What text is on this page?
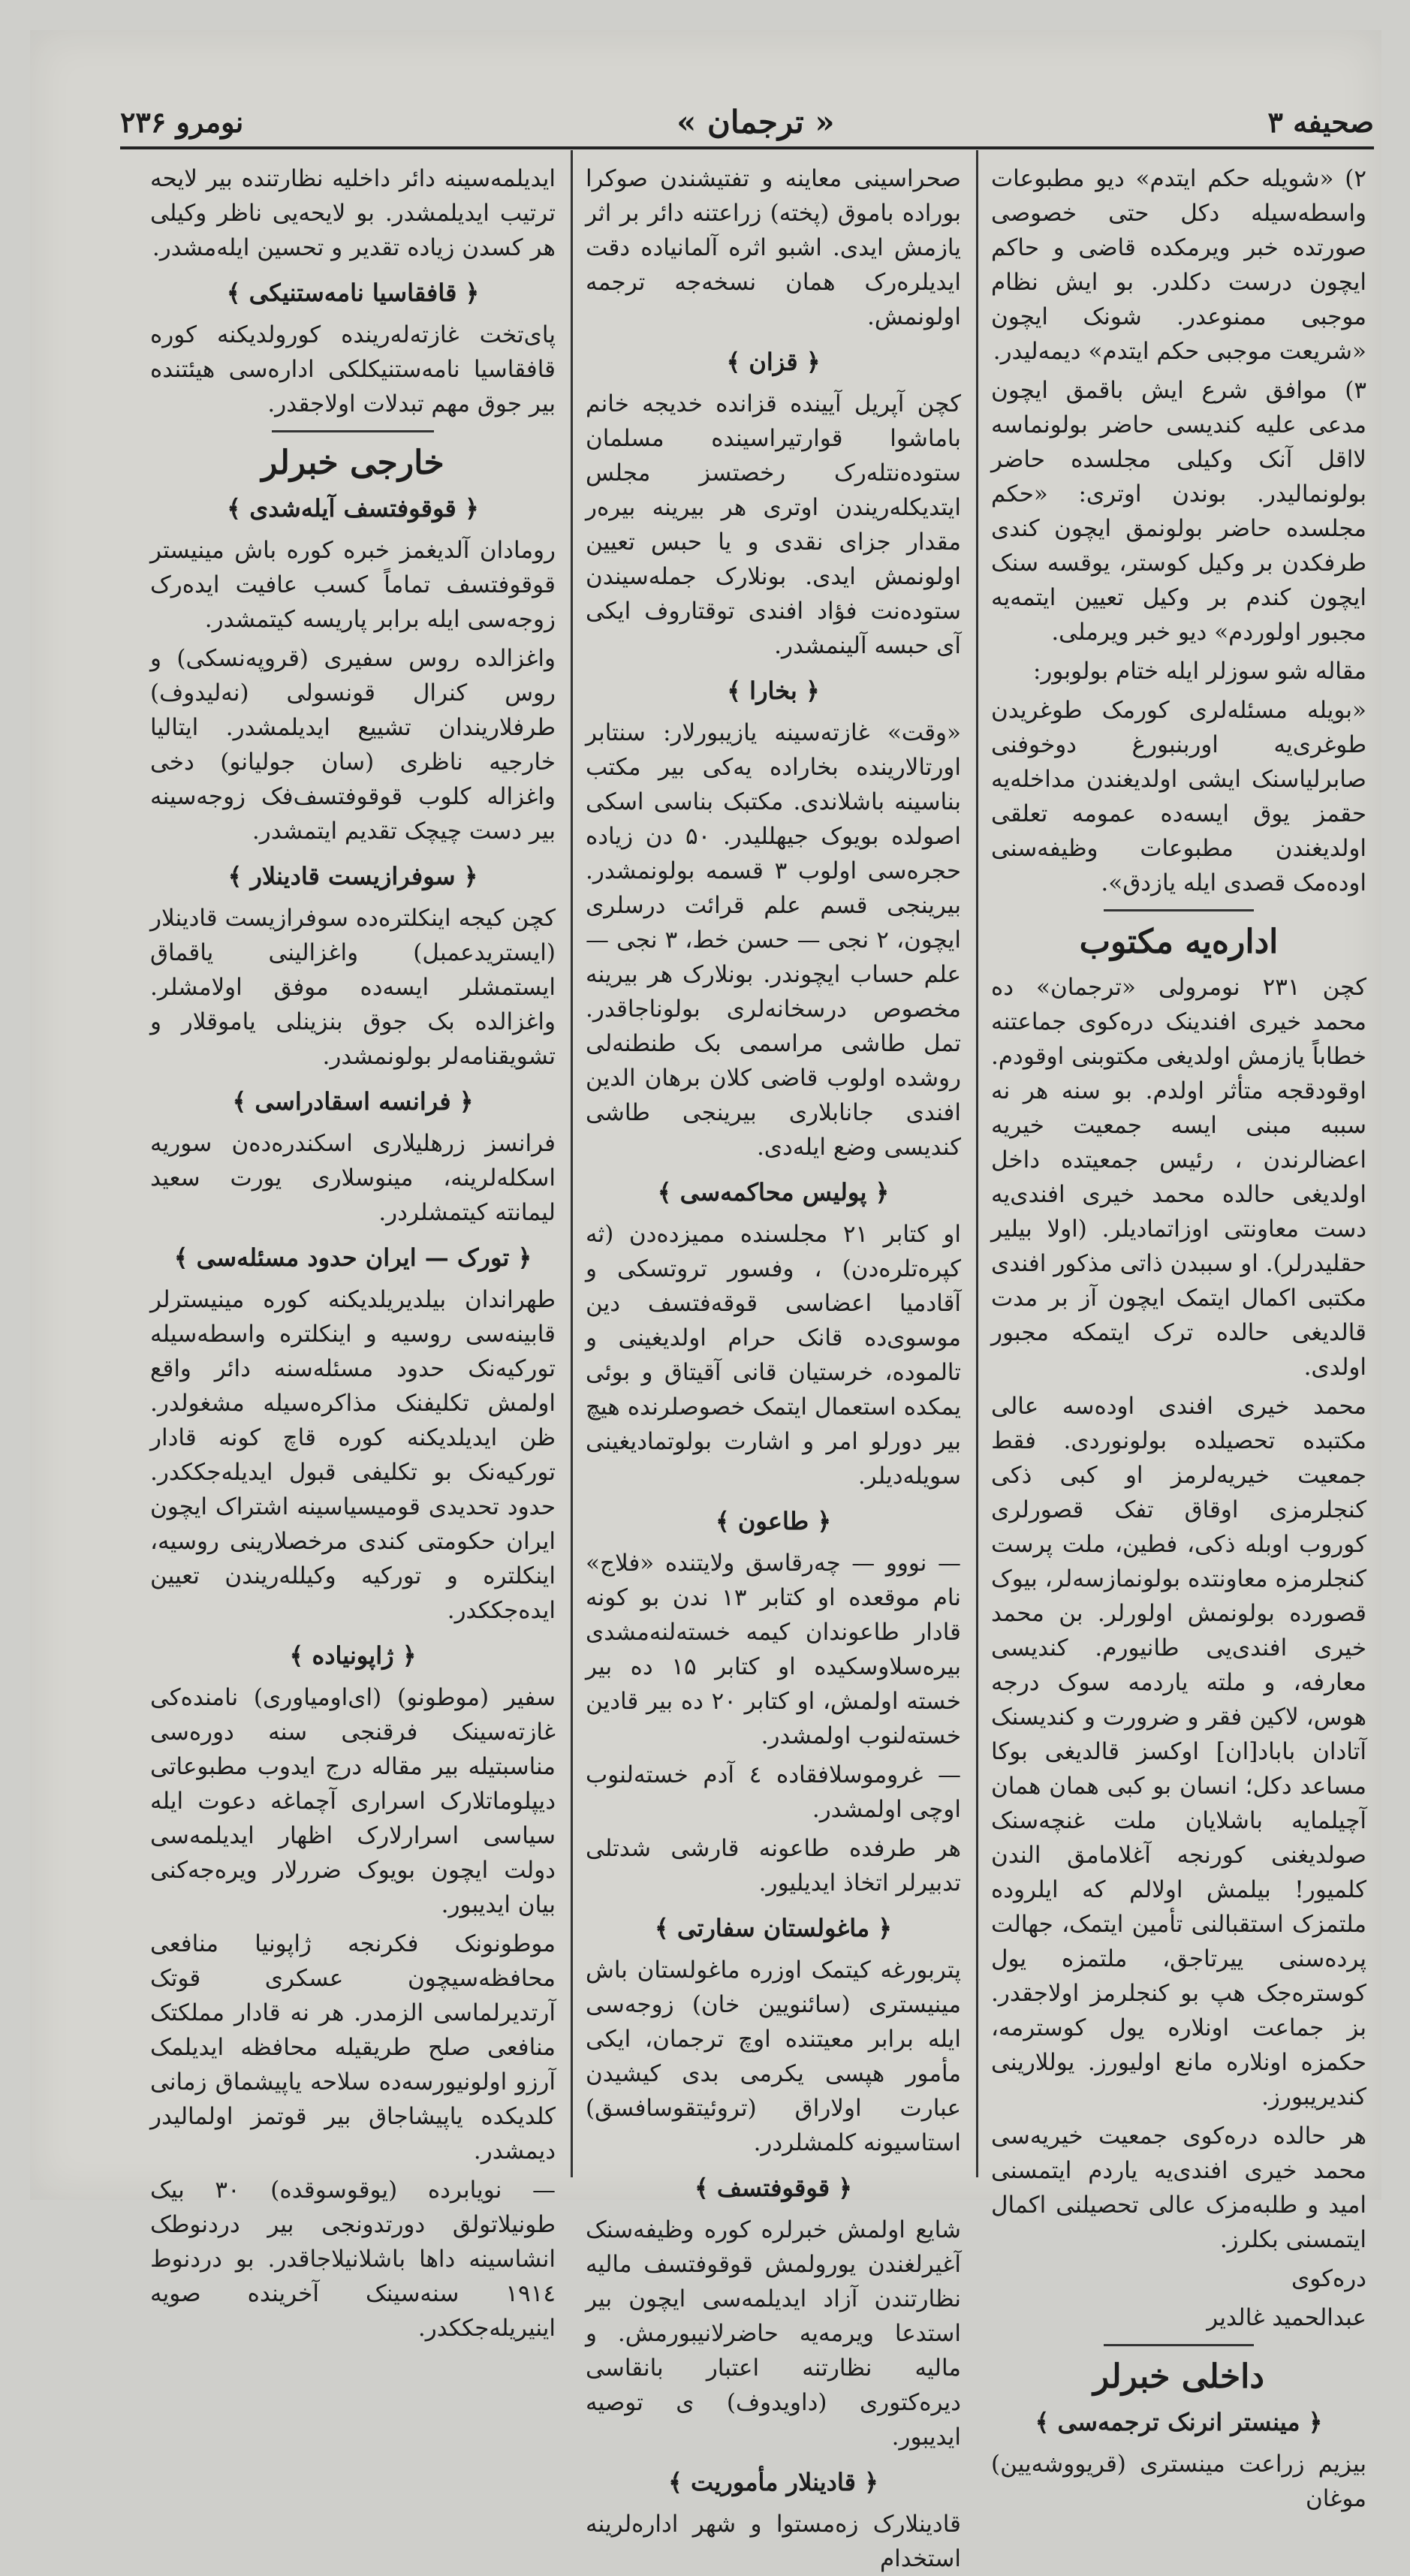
صحیفه ۳
« ترجمان »
نومرو ۲۳۶

۲) «شویله حکم ایتدم» دیو مطبوعات واسطه‌سیله دکل حتی خصوصی صورتده خبر ویرمکده قاضی و حاکم ایچون درست دکلدر. بو ایش نظام موجبی ممنوعدر. شونک ایچون «شریعت موجبی حکم ایتدم» دیمه‌لیدر.

۳) موافق شرع ایش باقمق ایچون مدعی علیه کندیسی حاضر بولونماسه لااقل آنک وکیلی مجلسده حاضر بولونمالیدر. بوندن اوتری: «حکم مجلسده حاضر بولونمق ایچون کندی طرفکدن بر وکیل کوستر، یوقسه سنک ایچون کندم بر وکیل تعیین ایتمه‌یه مجبور اولوردم» دیو خبر ویرملی.

مقاله شو سوزلر ایله ختام بولوبور:

«بویله مسئله‌لری کورمک طوغریدن طوغری‌یه اوربنبورغ دوخوفنی صابرلیاسنک ایشی اولدیغندن مداخله‌یه حقمز یوق ایسه‌ده عمومه تعلقی اولدیغندن مطبوعات وظیفه‌سنی اوده‌مک قصدی ایله یازدق».

اداره‌یه مکتوب

کچن ۲۳۱ نومرولی «ترجمان» ده محمد خیری افندینک دره‌کوی جماعتنه خطاباً یازمش اولدیغی مکتوبنی اوقودم. اوقودقجه متأثر اولدم. بو سنه هر نه سببه مبنی ایسه جمعیت خیریه اعضالرندن ، رئیس جمعیتده داخل اولدیغی حالده محمد خیری افندی‌یه دست معاونتی اوزاتمادیلر. (اولا بیلیر حقلیدرلر). او سببدن ذاتی مذکور افندی مکتبی اکمال ایتمک ایچون آز بر مدت قالدیغی حالده ترک ایتمکه مجبور اولدی.

محمد خیری افندی اوده‌سه عالی مکتبده تحصیلده بولونوردی. فقط جمعیت خیریه‌لرمز او کبی ذکی کنجلرمزی اوقاق تفک قصورلری کوروب اوبله ذکی، فطین، ملت پرست کنجلرمزه معاونتده بولونمازسه‌لر، بیوک قصورده بولونمش اولورلر. بن محمد خیری افندی‌یی طانیورم. کندیسی معارفه، و ملته یاردمه سوک درجه هوس، لاکین فقر و ضرورت و کندیسنک آتادان باباد[ان] اوکسز قالدیغی بوکا مساعد دکل؛ انسان بو کبی همان همان آچیلمایه باشلایان ملت غنچه‌سنک صولدیغنی کورنجه آغلامامق الندن کلمیور! بیلمش اولالم که ایلروده ملتمزک استقبالنی تأمین ایتمک، جهالت پرده‌سنی ییرتاجق، ملتمزه یول کوستره‌جک هپ بو کنجلرمز اولاجقدر. بز جماعت اونلاره یول کوسترمه، حکمزه اونلاره مانع اولیورز. یوللارینی کندیریبورز.

هر حالده دره‌کوی جمعیت خیریه‌سی محمد خیری افندی‌یه یاردم ایتمسنی امید و طلبه‌مزک عالی تحصیلنی اکمال ایتمسنی بکلرز.

دره‌کوی

عبدالحمید غالدیر

داخلی خبرلر
﴿ مینستر انرنک ترجمه‌سی ﴾

بیزیم زراعت مینستری (قریووشه‌یین) موغان

صحراسینی معاینه و تفتیشندن صوکرا بوراده باموق (پخته) زراعتنه دائر بر اثر یازمش ایدی. اشبو اثره آلمانیاده دقت ایدیلره‌رک همان نسخه‌جه ترجمه اولونمش.

﴿ قزان ﴾

کچن آپریل آیینده قزانده خدیجه خانم باماشوا قوارتیراسینده مسلمان ستوده‌نتله‌رک رخصتسز مجلس ایتدیکله‌ریندن اوتری هر بیرینه بیره‌ر مقدار جزای نقدی و یا حبس تعیین اولونمش ایدی. بونلارک جمله‌سیندن ستوده‌نت فؤاد افندی توقتاروف ایکی آی حبسه آلینمشدر.

﴿ بخارا ﴾

«وقت» غازته‌سینه یازیبورلار: سنتابر اورتالارینده بخاراده یه‌کی بیر مکتب بناسینه باشلاندی. مکتبک بناسی اسکی اصولده بویوک جیهللیدر. ۵۰ دن زیاده حجره‌سی اولوب ۳ قسمه بولونمشدر. بیرینجی قسم علم قرائت درسلری ایچون، ۲ نجی — حسن خط، ۳ نجی — علم حساب ایچوندر. بونلارک هر بیرینه مخصوص درسخانه‌لری بولوناجاقدر. تمل طاشی مراسمی بک طنطنه‌لی روشده اولوب قاضی کلان برهان الدین افندی جانابلاری بیرینجی طاشی کندیسی وضع ایله‌دی.

﴿ پولیس محاکمه‌سی ﴾

او کتابر ۲۱ مجلسنده ممیز‌ده‌دن (ثه کپره‌تلره‌دن) ، وفسور تروتسکی و آقادمیا اعضاسی قوقه‌فتسف دین موسوی‌ده قانک حرام اولدیغینی و تالموده، خرستیان قانی آقیتاق و بوئی یمکده استعمال ایتمک خصوصلرنده هیچ بیر دورلو امر و اشارت بولوتمادیغینی سویله‌دیلر.

﴿ طاعون ﴾

— نووو — چه‌رقاسق ولایتنده «فلاج» نام موقعده او کتابر ۱۳ ندن بو کونه قادار طاعوندان کیمه خسته‌لنه‌مشدی بیره‌سلاوسکیده او کتابر ۱۵ ده بیر خسته اولمش، او کتابر ۲۰ ده بیر قادین خسته‌لنوب اولمشدر.

— غروموسلافقاده ٤ آدم خسته‌لنوب اوچی اولمشدر.

هر طرفده طاعونه قارشی شدتلی تدبیرلر اتخاذ ایدیلیور.

﴿ ماغولستان سفارتی ﴾

پتربورغه کیتمک اوزره ماغولستان باش مینیستری (سائنویین خان) زوجه‌سی ایله برابر معیتنده اوچ ترجمان، ایکی مأمور هپسی یکرمی بدی کیشیدن عبارت اولاراق (تروئیتقوسافسق) استاسیونه کلمشلردر.

﴿ قوقوفتسف ﴾

شایع اولمش خبرلره کوره وظیفه‌سنک آغیرلغندن یورولمش قوقوفتسف مالیه نظارتندن آزاد ایدیلمه‌سی ایچون بیر استدعا ویرمه‌یه حاضرلانیبورمش. و مالیه نظارتنه اعتبار بانقاسی دیره‌کتوری (داویدوف) ی توصیه ایدیبور.

﴿ قادینلار مأموریت ﴾

قادینلارک زه‌مستوا و شهر اداره‌لرینه استخدام

ایدیلمه‌سینه دائر داخلیه نظارتنده بیر لایحه ترتیب ایدیلمشدر. بو لایحه‌یی ناظر وکیلی هر کسدن زیاده تقدیر و تحسین ایله‌مشدر.

﴿ قافقاسیا نامه‌ستنیکی ﴾

پای‌تخت غازته‌له‌رینده کورولدیکنه کوره قافقاسیا نامه‌ستنیکلکی اداره‌سی هیئتنده بیر جوق مهم تبدلات اولاجقدر.

خارجی خبرلر
﴿ قوقوفتسف آیله‌شدی ﴾

رومادان آلدیغمز خبره کوره باش مینیستر قوقوفتسف تماماً کسب عافیت ایده‌رک زوجه‌سی ایله برابر پاریسه کیتمشدر.

واغزالده روس سفیری (قروپه‌نسکی) و روس کنرال قونسولی (نه‌لیدوف) طرفلاریندان تشییع ایدیلمشدر. ایتالیا خارجیه ناظری (سان جولیانو) دخی واغزاله کلوب قوقوفتسف‌فک زوجه‌سینه بیر دست چیچک تقدیم ایتمشدر.

﴿ سوفرازیست قادینلار ﴾

کچن کیجه اینکلتره‌ده سوفرازیست قادینلار (ایستریدعمبل) واغزالینی یاقماق ایستمشلر ایسه‌ده موفق اولامشلر. واغزالده بک جوق بنزینلی یاموقلار و تشویقنامه‌لر بولونمشدر.

﴿ فرانسه اسقادراسی ﴾

فرانسز زرهلیلاری اسکندره‌ده‌ن سوریه اسکله‌لرینه، مینوسلاری یورت سعید لیمانته کیتمشلردر.

﴿ تورک — ایران حدود مسئله‌سی ﴾

طهراندان بیلدیریلدیکنه کوره مینیسترلر قابینه‌سی روسیه و اینکلتره واسطه‌سیله تورکیه‌نک حدود مسئله‌سنه دائر واقع اولمش تکلیفنک مذاکره‌سیله مشغولدر. ظن ایدیلدیکنه کوره قاچ کونه قادار تورکیه‌نک بو تکلیفی قبول ایدیله‌جککدر. حدود تحدیدی قومیسیاسینه اشتراک ایچون ایران حکومتی کندی مرخصلارینی روسیه، اینکلتره و تورکیه وکیلله‌ریندن تعیین ایده‌جککدر.

﴿ ژاپونیاده ﴾

سفیر (موطونو) (ای‌اومیاوری) نامنده‌کی غازته‌سینک فرقنجی سنه دوره‌سی مناسبتیله بیر مقاله درج ایدوب مطبوعاتی دیپلوماتلارک اسراری آچماغه دعوت ایله سیاسی اسرارلارک اظهار ایدیلمه‌سی دولت ایچون بویوک ضررلار ویره‌جه‌کنی بیان ایدیبور.

موطونونک فکرنجه ژاپونیا منافعی محافظه‌سیچون عسکری قوتک آرتدیرلماسی الزمدر. هر نه قادار مملکتک منافعی صلح طریقیله محافظه ایدیلمک آرزو اولونیورسه‌ده سلاحه یاپیشماق زمانی کلدیکده یاپیشاجاق بیر قوتمز اولمالیدر دیمشدر.

— نویابرده (یوقوسوقده) ۳۰ بیک طونیلاتولق دورتدونجی بیر دردنوطک انشاسینه داها باشلانیلاجاقدر. بو دردنوط ۱۹۱٤ سنه‌سینک آخرینده صویه اینیریله‌جککدر.
